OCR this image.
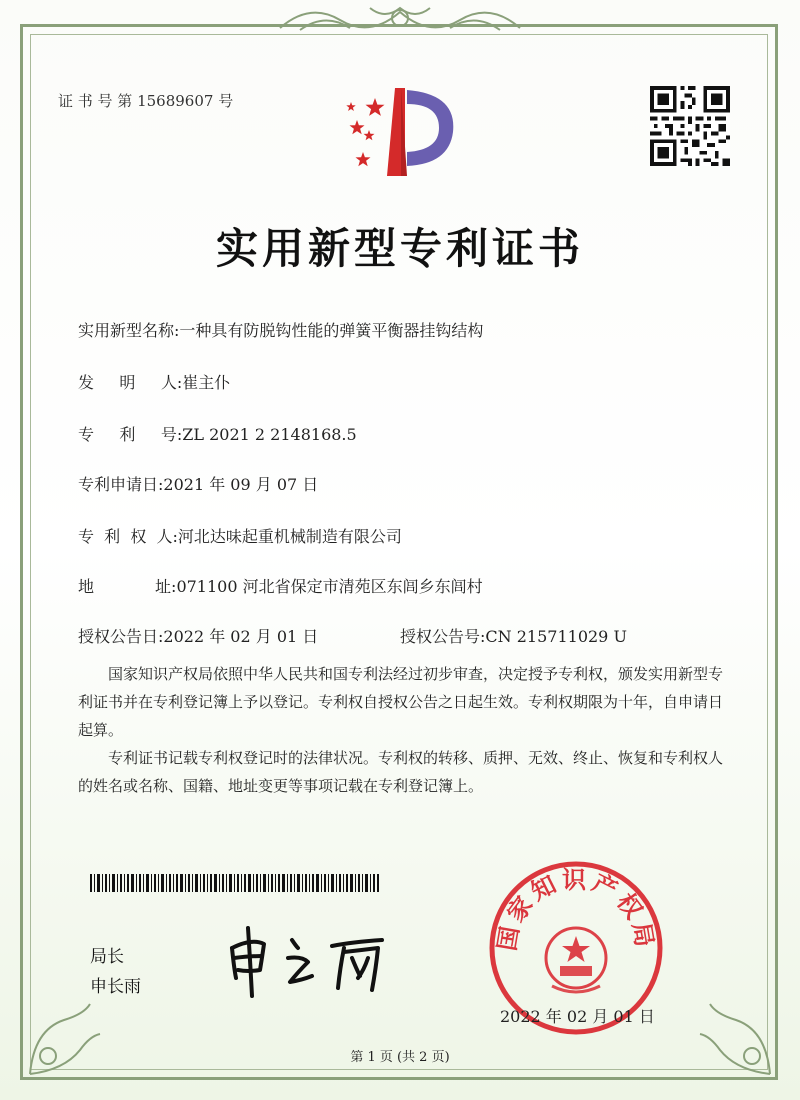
证 书 号 第 15689607 号
实用新型专利证书
实用新型名称:一种具有防脱钩性能的弹簧平衡器挂钩结构
发     明     人:崔主仆
专     利     号:ZL 2021 2 2148168.5
专利申请日:2021 年 09 月 07 日
专  利  权  人:河北达味起重机械制造有限公司
地            址:071100 河北省保定市清苑区东闾乡东闾村
授权公告日:2022 年 02 月 01 日	授权公告号:CN 215711029 U

国家知识产权局依照中华人民共和国专利法经过初步审查，决定授予专利权，颁发实用新型专利证书并在专利登记簿上予以登记。专利权自授权公告之日起生效。专利权期限为十年，自申请日起算。

专利证书记载专利权登记时的法律状况。专利权的转移、质押、无效、终止、恢复和专利权人的姓名或名称、国籍、地址变更等事项记载在专利登记簿上。

局长
申长雨
国家知识产权局
2022 年 02 月 01 日
第 1 页 (共 2 页)
